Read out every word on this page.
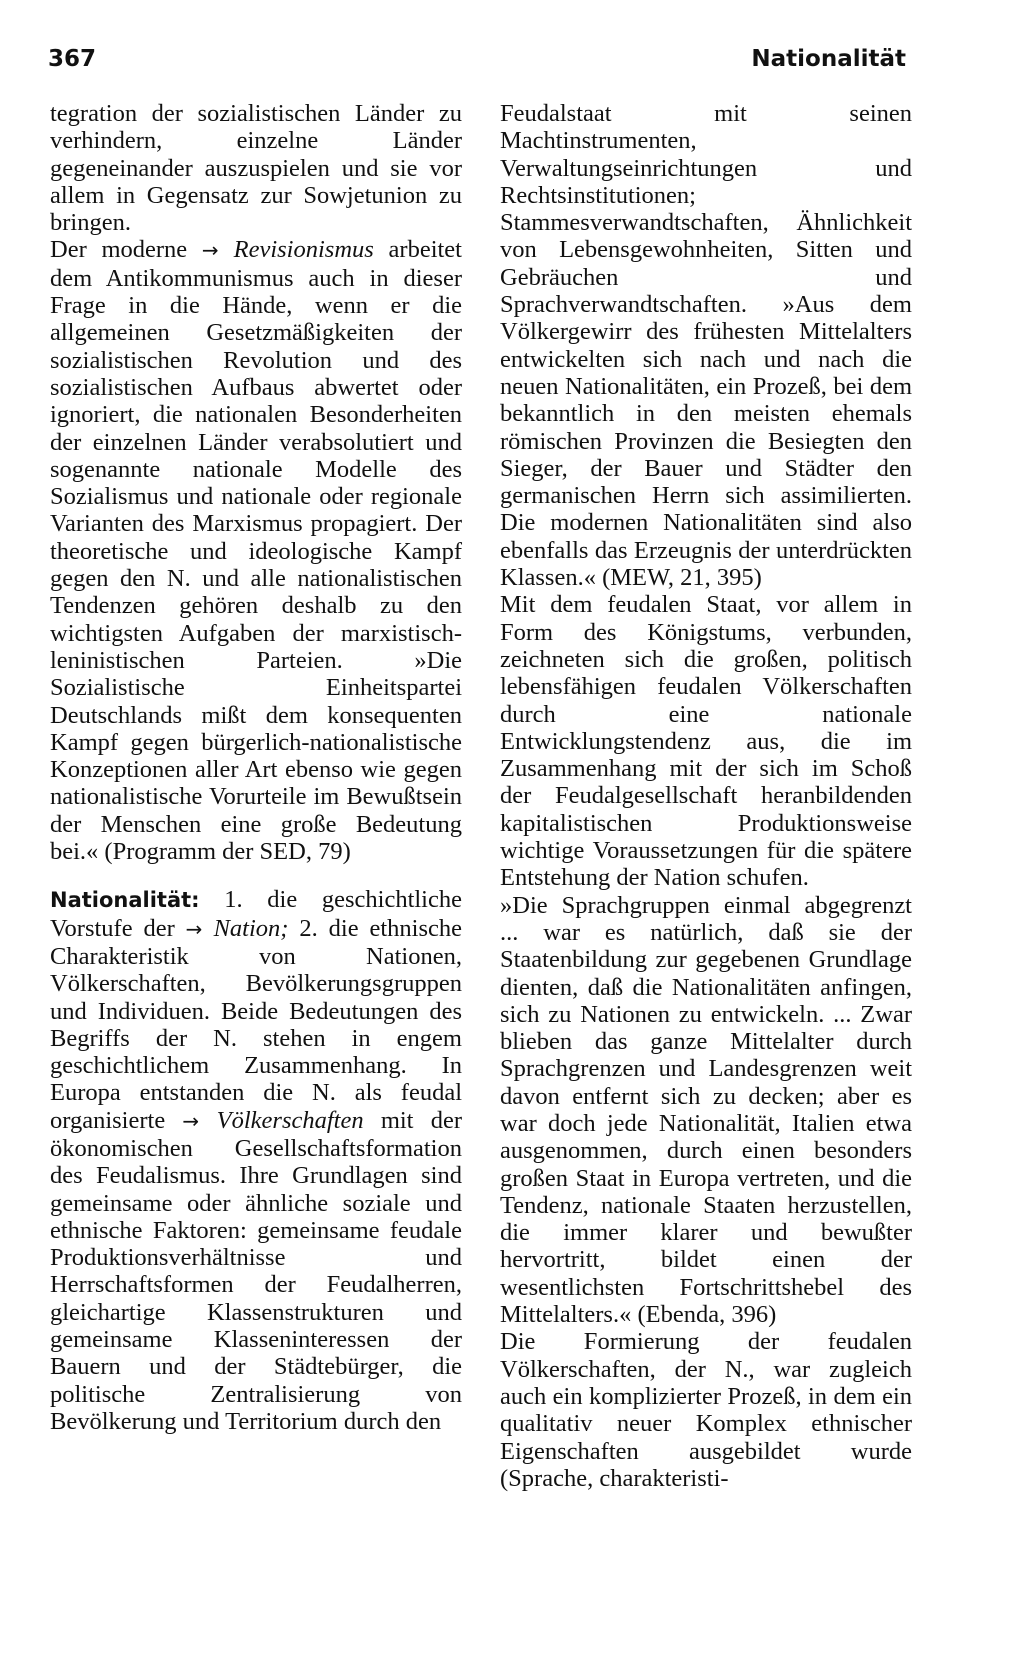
367	Nationalität

tegration der sozialistischen Länder zu verhindern, einzelne Länder gegeneinander auszuspielen und sie vor allem in Gegensatz zur Sowjetunion zu bringen.

Der moderne → Revisionismus arbeitet dem Antikommunismus auch in dieser Frage in die Hände, wenn er die allgemeinen Gesetzmäßigkeiten der sozialistischen Revolution und des sozialistischen Aufbaus abwertet oder ignoriert, die nationalen Besonderheiten der einzelnen Länder verabsolutiert und sogenannte nationale Modelle des Sozialismus und nationale oder regionale Varianten des Marxismus propagiert. Der theoretische und ideologische Kampf gegen den N. und alle nationalistischen Tendenzen gehören deshalb zu den wichtigsten Aufgaben der marxistisch-leninistischen Parteien. »Die Sozialistische Einheitspartei Deutschlands mißt dem konsequenten Kampf gegen bürgerlich-nationalistische Konzeptionen aller Art ebenso wie gegen nationalistische Vorurteile im Bewußtsein der Menschen eine große Bedeutung bei.« (Programm der SED, 79)

Nationalität: 1. die geschichtliche Vorstufe der → Nation; 2. die ethnische Charakteristik von Nationen, Völkerschaften, Bevölkerungsgruppen und Individuen. Beide Bedeutungen des Begriffs der N. stehen in engem geschichtlichem Zusammenhang. In Europa entstanden die N. als feudal organisierte → Völkerschaften mit der ökonomischen Gesellschaftsformation des Feudalismus. Ihre Grundlagen sind gemeinsame oder ähnliche soziale und ethnische Faktoren: gemeinsame feudale Produktionsverhältnisse und Herrschaftsformen der Feudalherren, gleichartige Klassenstrukturen und gemeinsame Klasseninteressen der Bauern und der Städtebürger, die politische Zentralisierung von Bevölkerung und Territorium durch den

Feudalstaat mit seinen Machtinstrumenten, Verwaltungseinrichtungen und Rechtsinstitutionen; Stammesverwandtschaften, Ähnlichkeit von Lebensgewohnheiten, Sitten und Gebräuchen und Sprachverwandtschaften. »Aus dem Völkergewirr des frühesten Mittelalters entwickelten sich nach und nach die neuen Nationalitäten, ein Prozeß, bei dem bekanntlich in den meisten ehemals römischen Provinzen die Besiegten den Sieger, der Bauer und Städter den germanischen Herrn sich assimilierten. Die modernen Nationalitäten sind also ebenfalls das Erzeugnis der unterdrückten Klassen.« (MEW, 21, 395)

Mit dem feudalen Staat, vor allem in Form des Königstums, verbunden, zeichneten sich die großen, politisch lebensfähigen feudalen Völkerschaften durch eine nationale Entwicklungstendenz aus, die im Zusammenhang mit der sich im Schoß der Feudalgesellschaft heranbildenden kapitalistischen Produktionsweise wichtige Voraussetzungen für die spätere Entstehung der Nation schufen.

»Die Sprachgruppen einmal abgegrenzt ... war es natürlich, daß sie der Staatenbildung zur gegebenen Grundlage dienten, daß die Nationalitäten anfingen, sich zu Nationen zu entwickeln. ... Zwar blieben das ganze Mittelalter durch Sprachgrenzen und Landesgrenzen weit davon entfernt sich zu decken; aber es war doch jede Nationalität, Italien etwa ausgenommen, durch einen besonders großen Staat in Europa vertreten, und die Tendenz, nationale Staaten herzustellen, die immer klarer und bewußter hervortritt, bildet einen der wesentlichsten Fortschrittshebel des Mittelalters.« (Ebenda, 396)

Die Formierung der feudalen Völkerschaften, der N., war zugleich auch ein komplizierter Prozeß, in dem ein qualitativ neuer Komplex ethnischer Eigenschaften ausgebildet wurde (Sprache, charakteristi-
